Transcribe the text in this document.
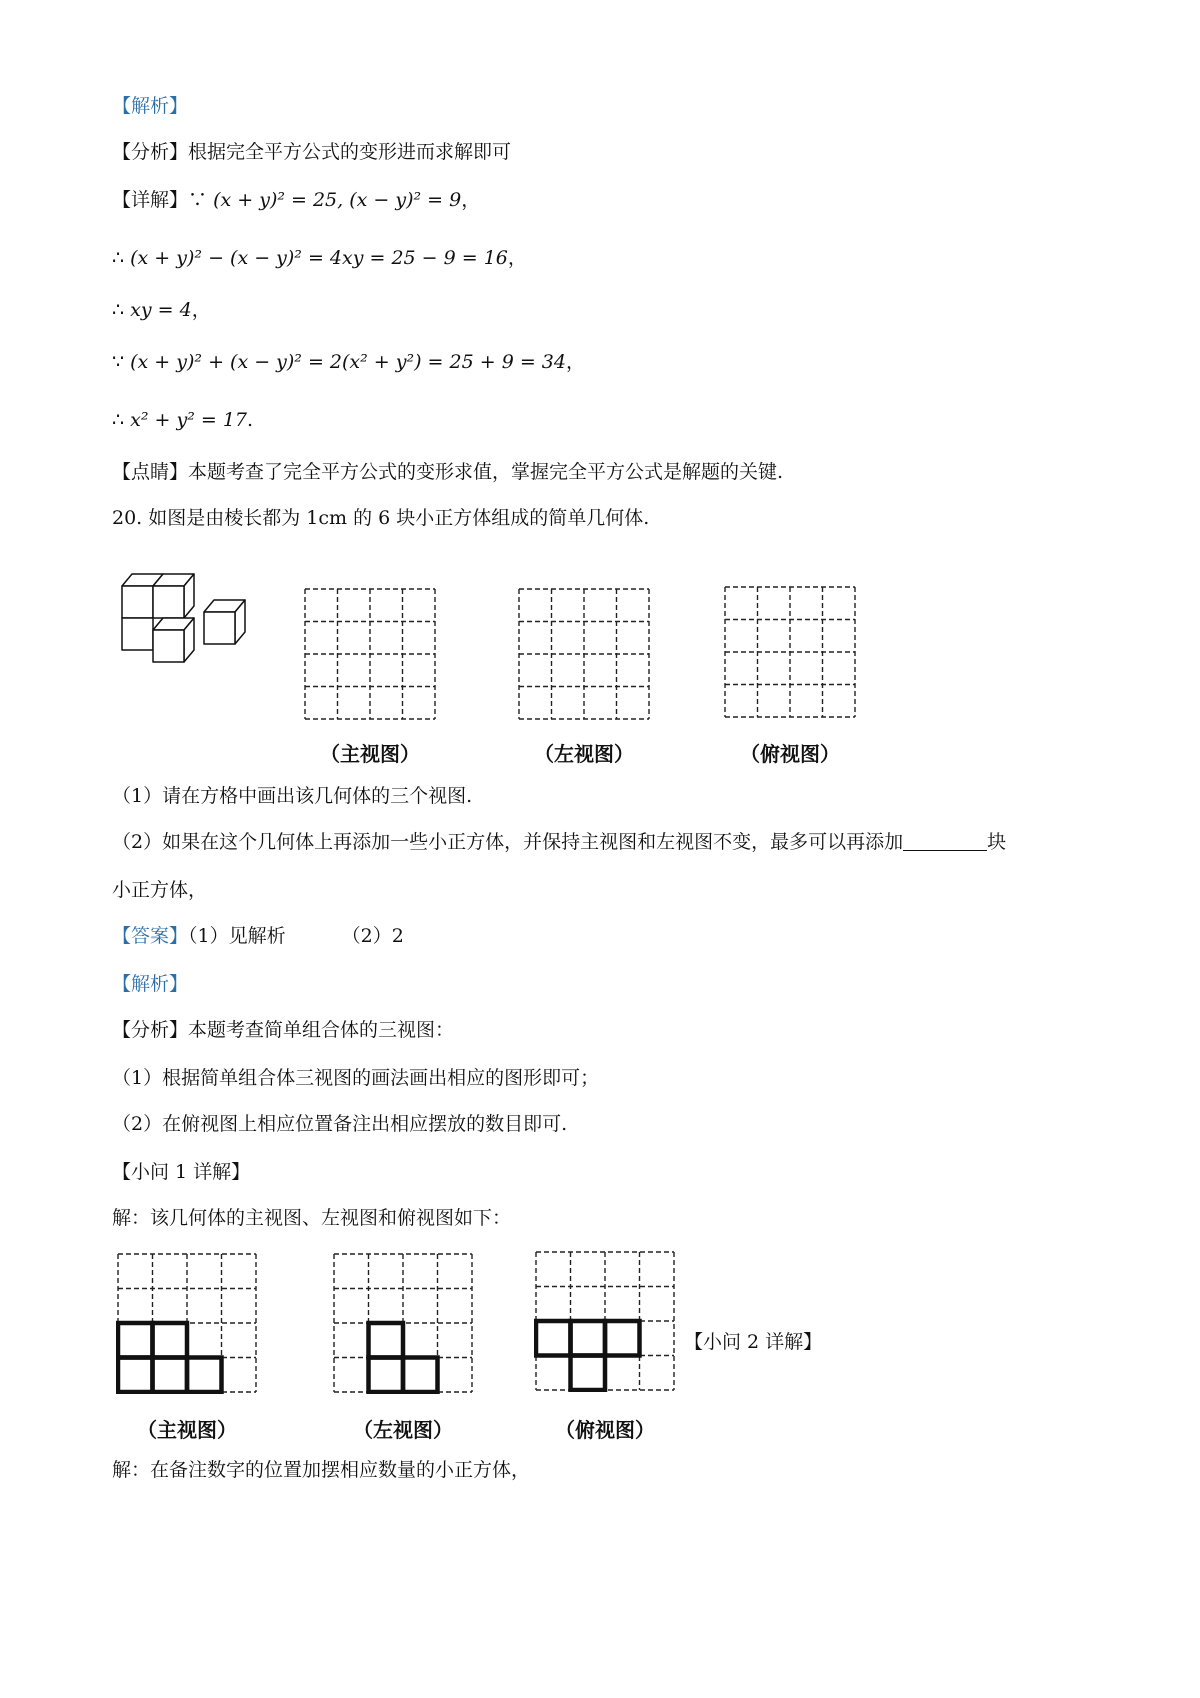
【解析】
【分析】根据完全平方公式的变形进而求解即可
【详解】∵ (x + y)² = 25, (x − y)² = 9，
∴ (x + y)² − (x − y)² = 4xy = 25 − 9 = 16，
∴ xy = 4，
∵ (x + y)² + (x − y)² = 2(x² + y²) = 25 + 9 = 34，
∴ x² + y² = 17.
【点睛】本题考查了完全平方公式的变形求值，掌握完全平方公式是解题的关键.
20. 如图是由棱长都为 1cm 的 6 块小正方体组成的简单几何体.
（主视图）	（左视图）	（俯视图）
（1）请在方格中画出该几何体的三个视图.
（2）如果在这个几何体上再添加一些小正方体，并保持主视图和左视图不变，最多可以再添加	块
小正方体，
【答案】（1）见解析	（2）2
【解析】
【分析】本题考查简单组合体的三视图：
（1）根据简单组合体三视图的画法画出相应的图形即可；
（2）在俯视图上相应位置备注出相应摆放的数目即可.
【小问 1 详解】
解：该几何体的主视图、左视图和俯视图如下：
【小问 2 详解】
（主视图）	（左视图）	（俯视图）
解：在备注数字的位置加摆相应数量的小正方体，
